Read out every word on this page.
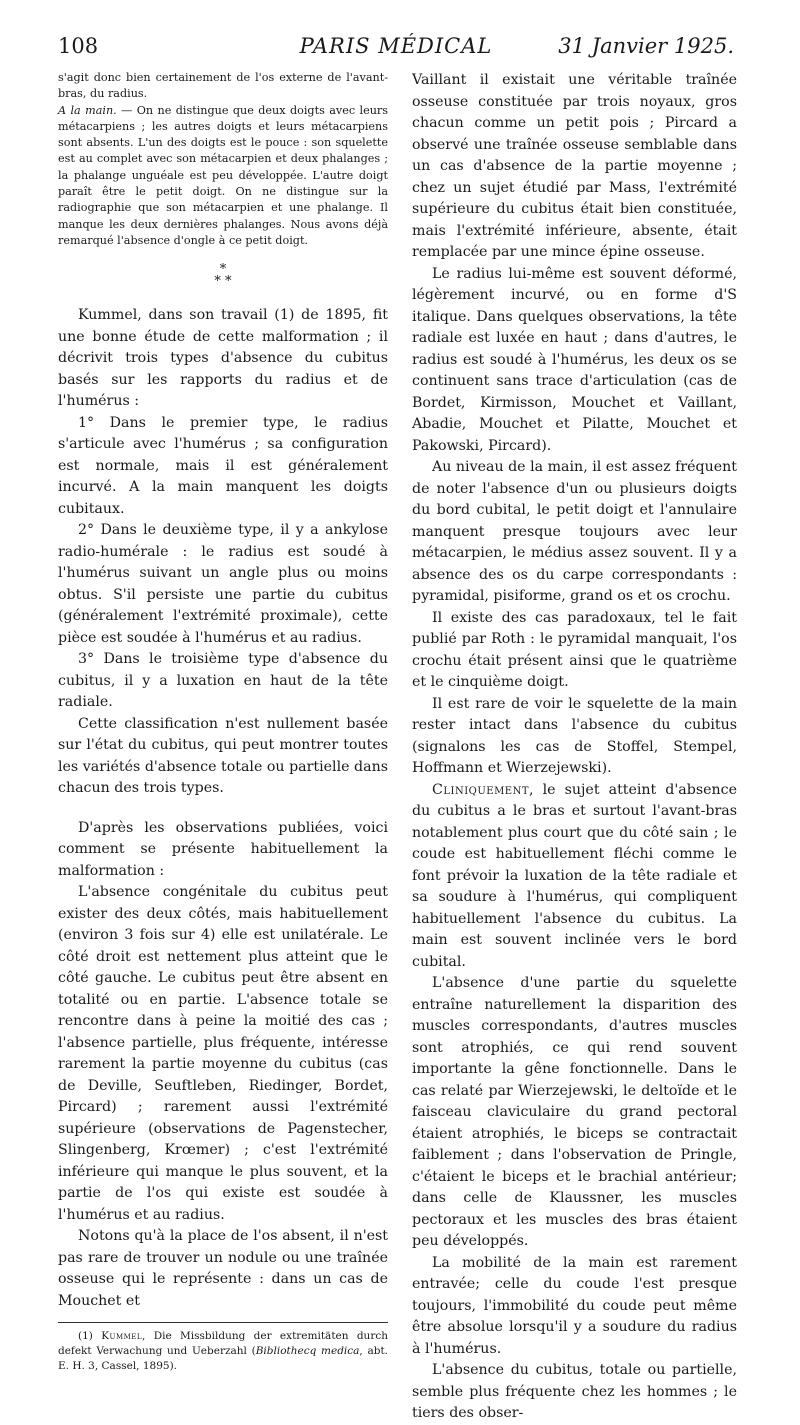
108	PARIS MÉDICAL	31 Janvier 1925.

s'agit donc bien certainement de l'os externe de l'avant-bras, du radius.

A la main. — On ne distingue que deux doigts avec leurs métacarpiens ; les autres doigts et leurs métacarpiens sont absents. L'un des doigts est le pouce : son squelette est au complet avec son métacarpien et deux phalanges ; la phalange unguéale est peu développée. L'autre doigt paraît être le petit doigt. On ne distingue sur la radiographie que son métacarpien et une phalange. Il manque les deux dernières phalanges. Nous avons déjà remarqué l'absence d'ongle à ce petit doigt.

*
* *

Kummel, dans son travail (1) de 1895, fit une bonne étude de cette malformation ; il décrivit trois types d'absence du cubitus basés sur les rapports du radius et de l'humérus :

1° Dans le premier type, le radius s'articule avec l'humérus ; sa configuration est normale, mais il est généralement incurvé. A la main manquent les doigts cubitaux.

2° Dans le deuxième type, il y a ankylose radio-humérale : le radius est soudé à l'humérus suivant un angle plus ou moins obtus. S'il persiste une partie du cubitus (généralement l'extrémité proximale), cette pièce est soudée à l'humérus et au radius.

3° Dans le troisième type d'absence du cubitus, il y a luxation en haut de la tête radiale.

Cette classification n'est nullement basée sur l'état du cubitus, qui peut montrer toutes les variétés d'absence totale ou partielle dans chacun des trois types.

D'après les observations publiées, voici comment se présente habituellement la malformation :

L'absence congénitale du cubitus peut exister des deux côtés, mais habituellement (environ 3 fois sur 4) elle est unilatérale. Le côté droit est nettement plus atteint que le côté gauche. Le cubitus peut être absent en totalité ou en partie. L'absence totale se rencontre dans à peine la moitié des cas ; l'absence partielle, plus fréquente, intéresse rarement la partie moyenne du cubitus (cas de Deville, Seuftleben, Riedinger, Bordet, Pircard) ; rarement aussi l'extrémité supérieure (observations de Pagenstecher, Slingenberg, Krœmer) ; c'est l'extrémité inférieure qui manque le plus souvent, et la partie de l'os qui existe est soudée à l'humérus et au radius.

Notons qu'à la place de l'os absent, il n'est pas rare de trouver un nodule ou une traînée osseuse qui le représente : dans un cas de Mouchet et

(1) Kummel, Die Missbildung der extremitäten durch defekt Verwachung und Ueberzahl (Bibliothecq medica, abt. E. H. 3, Cassel, 1895).

Vaillant il existait une véritable traînée osseuse constituée par trois noyaux, gros chacun comme un petit pois ; Pircard a observé une traînée osseuse semblable dans un cas d'absence de la partie moyenne ; chez un sujet étudié par Mass, l'extrémité supérieure du cubitus était bien constituée, mais l'extrémité inférieure, absente, était remplacée par une mince épine osseuse.

Le radius lui-même est souvent déformé, légèrement incurvé, ou en forme d'S italique. Dans quelques observations, la tête radiale est luxée en haut ; dans d'autres, le radius est soudé à l'humérus, les deux os se continuent sans trace d'articulation (cas de Bordet, Kirmisson, Mouchet et Vaillant, Abadie, Mouchet et Pilatte, Mouchet et Pakowski, Pircard).

Au niveau de la main, il est assez fréquent de noter l'absence d'un ou plusieurs doigts du bord cubital, le petit doigt et l'annulaire manquent presque toujours avec leur métacarpien, le médius assez souvent. Il y a absence des os du carpe correspondants : pyramidal, pisiforme, grand os et os crochu.

Il existe des cas paradoxaux, tel le fait publié par Roth : le pyramidal manquait, l'os crochu était présent ainsi que le quatrième et le cinquième doigt.

Il est rare de voir le squelette de la main rester intact dans l'absence du cubitus (signalons les cas de Stoffel, Stempel, Hoffmann et Wierzejewski).

Cliniquement, le sujet atteint d'absence du cubitus a le bras et surtout l'avant-bras notablement plus court que du côté sain ; le coude est habituellement fléchi comme le font prévoir la luxation de la tête radiale et sa soudure à l'humérus, qui compliquent habituellement l'absence du cubitus. La main est souvent inclinée vers le bord cubital.

L'absence d'une partie du squelette entraîne naturellement la disparition des muscles correspondants, d'autres muscles sont atrophiés, ce qui rend souvent importante la gêne fonctionnelle. Dans le cas relaté par Wierzejewski, le deltoïde et le faisceau claviculaire du grand pectoral étaient atrophiés, le biceps se contractait faiblement ; dans l'observation de Pringle, c'étaient le biceps et le brachial antérieur; dans celle de Klaussner, les muscles pectoraux et les muscles des bras étaient peu développés.

La mobilité de la main est rarement entravée; celle du coude l'est presque toujours, l'immobilité du coude peut même être absolue lorsqu'il y a soudure du radius à l'humérus.

L'absence du cubitus, totale ou partielle, semble plus fréquente chez les hommes ; le tiers des obser-
